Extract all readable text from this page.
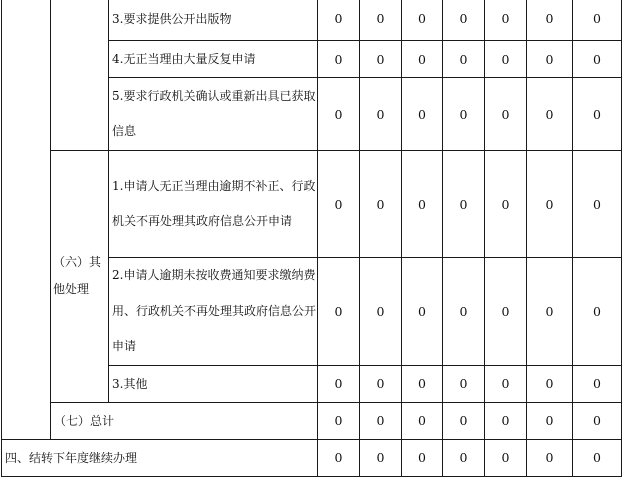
		3.要求提供公开出版物	0	0	0	0	0	0	0
		4.无正当理由大量反复申请	0	0	0	0	0	0	0
		5.要求行政机关确认或重新出具已获取信息	0	0	0	0	0	0	0
	（六）其他处理	1.申请人无正当理由逾期不补正、行政机关不再处理其政府信息公开申请	0	0	0	0	0	0	0
		2.申请人逾期未按收费通知要求缴纳费用、行政机关不再处理其政府信息公开申请	0	0	0	0	0	0	0
		3.其他	0	0	0	0	0	0	0
	（七）总计		0	0	0	0	0	0	0
四、结转下年度继续办理			0	0	0	0	0	0	0
